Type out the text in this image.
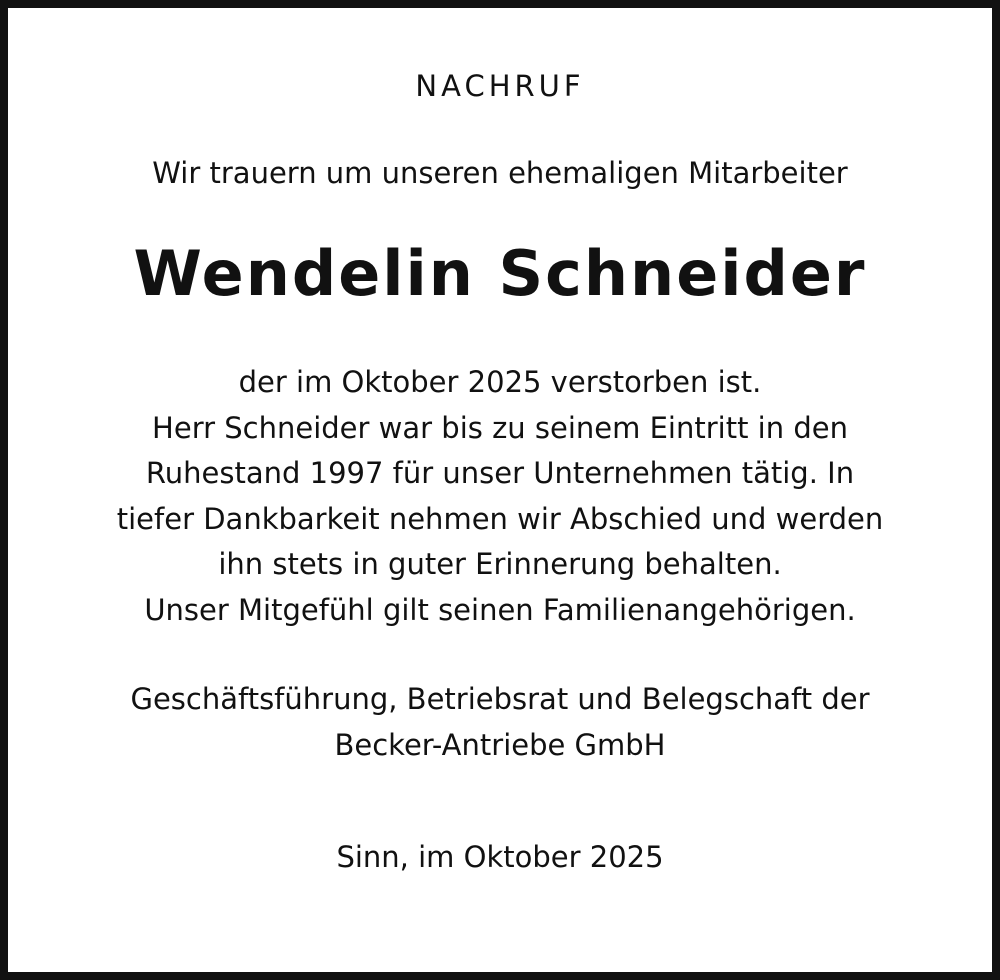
NACHRUF
Wir trauern um unseren ehemaligen Mitarbeiter
Wendelin Schneider
der im Oktober 2025 verstorben ist.
Herr Schneider war bis zu seinem Eintritt in den
Ruhestand 1997 für unser Unternehmen tätig. In
tiefer Dankbarkeit nehmen wir Abschied und werden
ihn stets in guter Erinnerung behalten.
Unser Mitgefühl gilt seinen Familienangehörigen.
Geschäftsführung, Betriebsrat und Belegschaft der
Becker-Antriebe GmbH
Sinn, im Oktober 2025
